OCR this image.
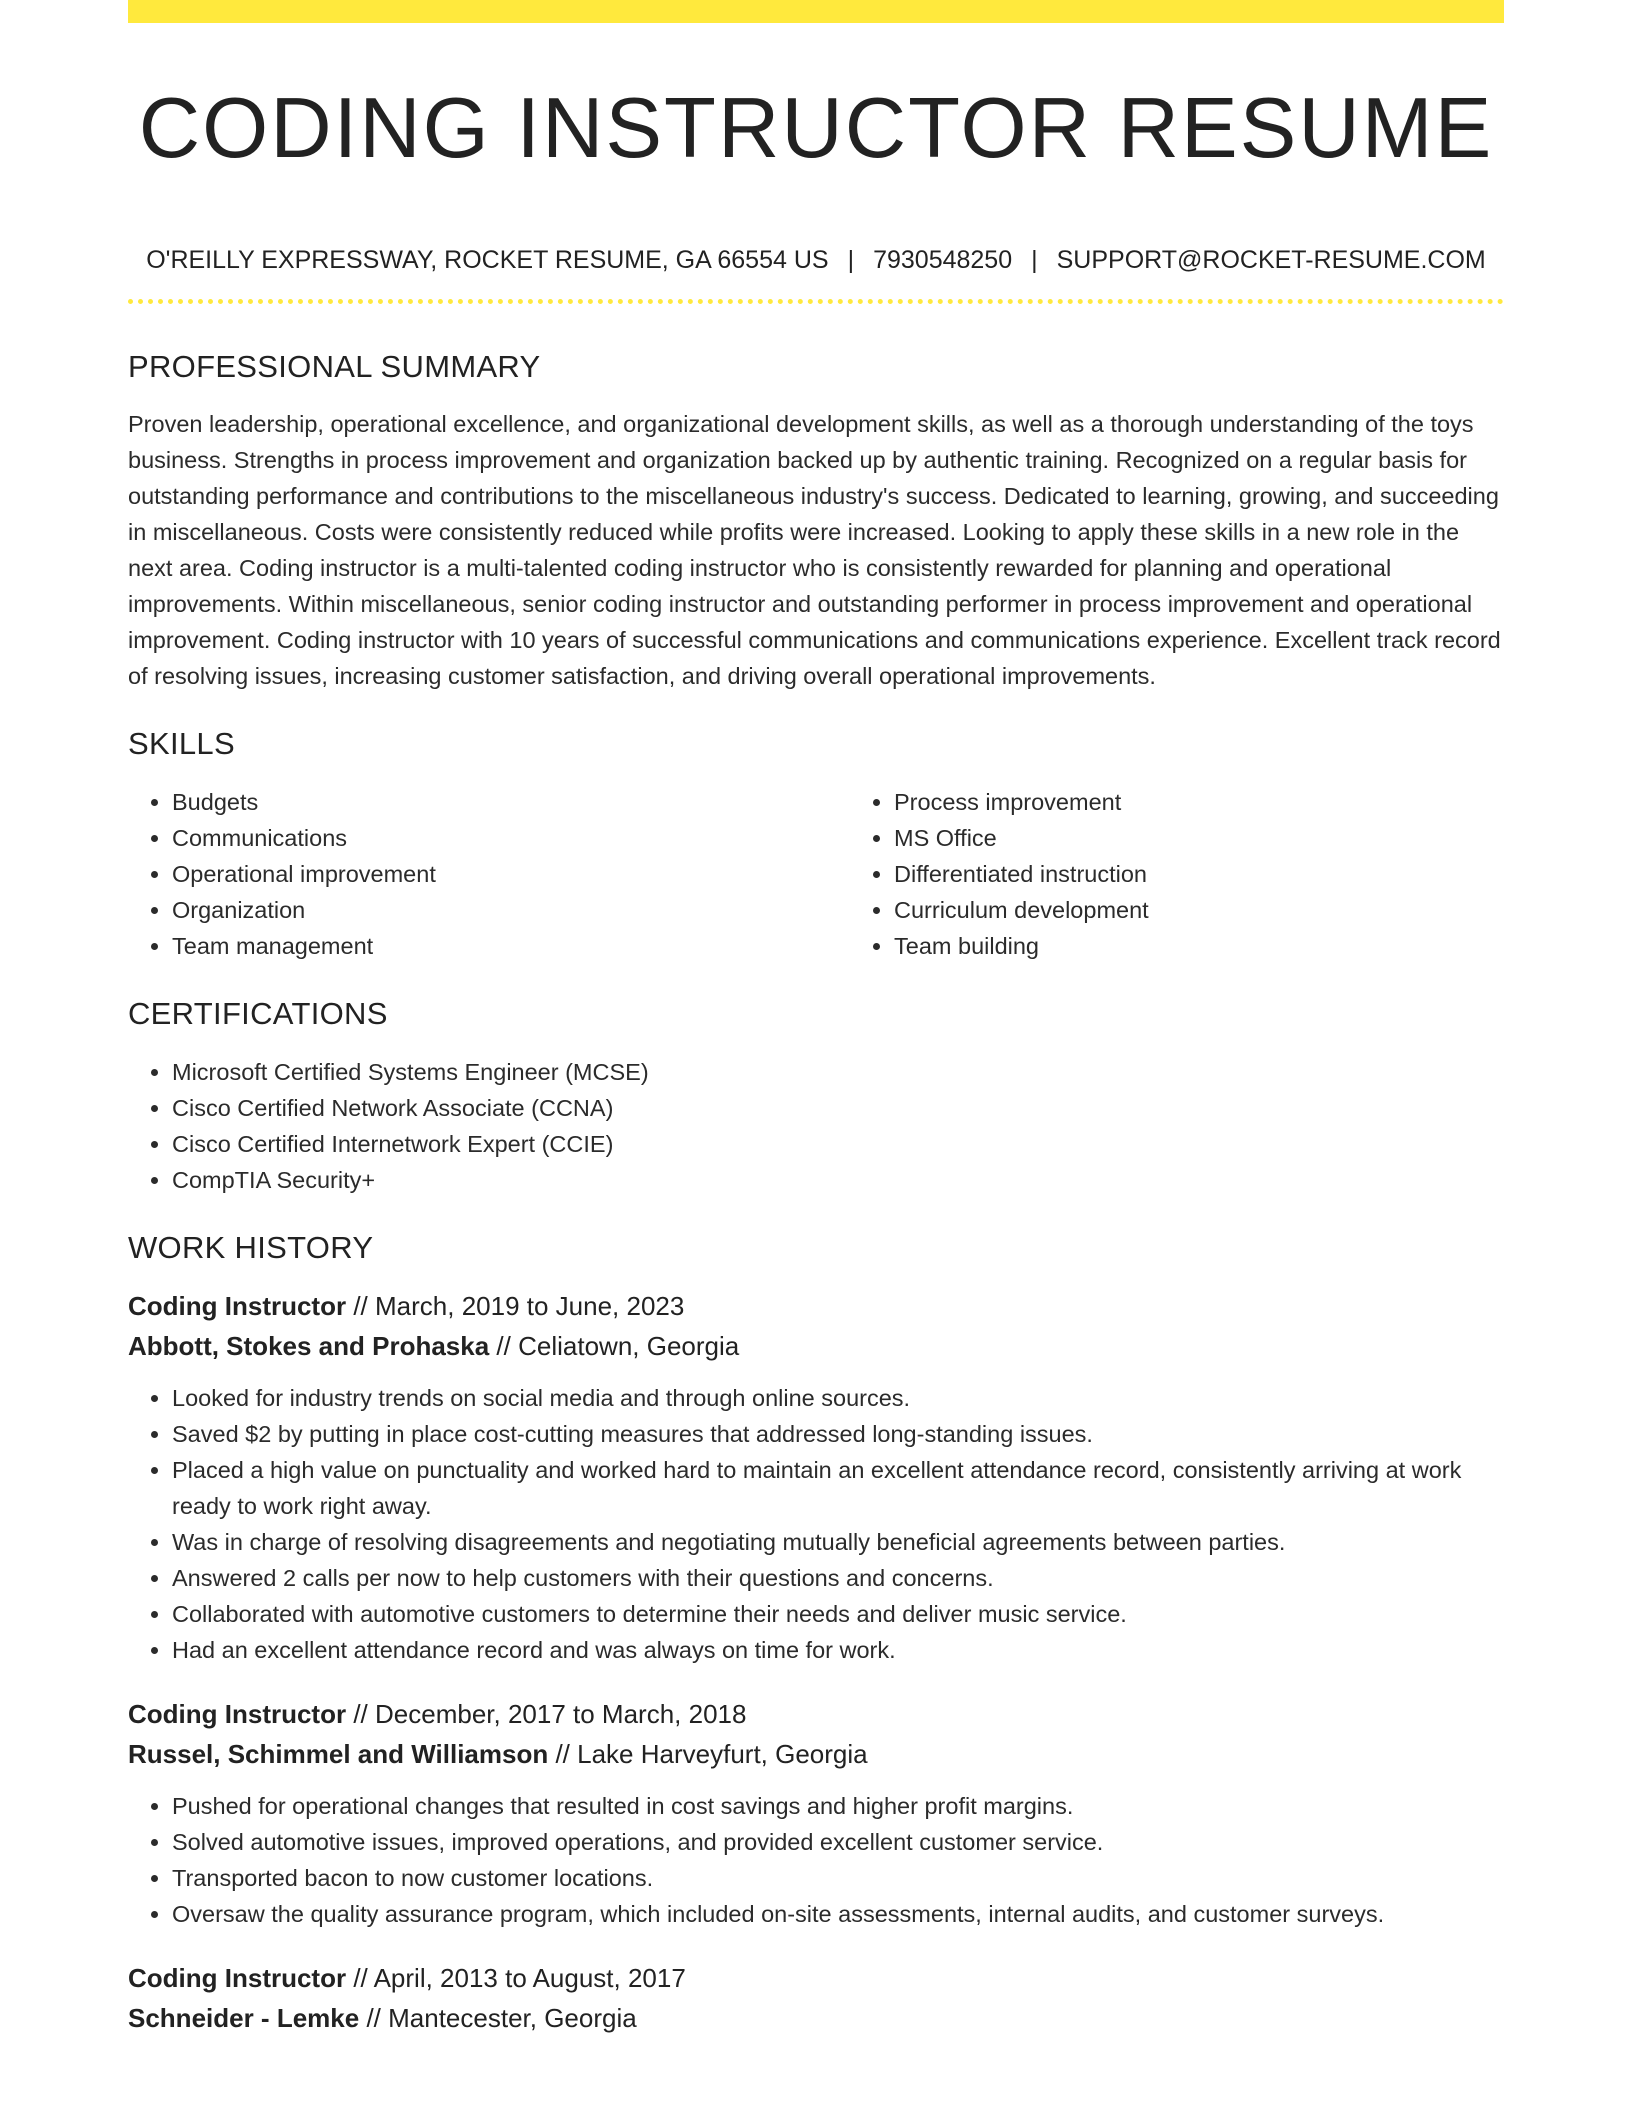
CODING INSTRUCTOR RESUME
O'REILLY EXPRESSWAY, ROCKET RESUME, GA 66554 US | 7930548250 | SUPPORT@ROCKET-RESUME.COM
PROFESSIONAL SUMMARY

Proven leadership, operational excellence, and organizational development skills, as well as a thorough understanding of the toys business. Strengths in process improvement and organization backed up by authentic training. Recognized on a regular basis for outstanding performance and contributions to the miscellaneous industry's success. Dedicated to learning, growing, and succeeding in miscellaneous. Costs were consistently reduced while profits were increased. Looking to apply these skills in a new role in the next area. Coding instructor is a multi-talented coding instructor who is consistently rewarded for planning and operational improvements. Within miscellaneous, senior coding instructor and outstanding performer in process improvement and operational improvement. Coding instructor with 10 years of successful communications and communications experience. Excellent track record of resolving issues, increasing customer satisfaction, and driving overall operational improvements.

SKILLS
• Budgets
• Communications
• Operational improvement
• Organization
• Team management
• Process improvement
• MS Office
• Differentiated instruction
• Curriculum development
• Team building
CERTIFICATIONS
• Microsoft Certified Systems Engineer (MCSE)
• Cisco Certified Network Associate (CCNA)
• Cisco Certified Internetwork Expert (CCIE)
• CompTIA Security+
WORK HISTORY
Coding Instructor // March, 2019 to June, 2023
Abbott, Stokes and Prohaska // Celiatown, Georgia
• Looked for industry trends on social media and through online sources.
• Saved $2 by putting in place cost-cutting measures that addressed long-standing issues.
• Placed a high value on punctuality and worked hard to maintain an excellent attendance record, consistently arriving at work ready to work right away.
• Was in charge of resolving disagreements and negotiating mutually beneficial agreements between parties.
• Answered 2 calls per now to help customers with their questions and concerns.
• Collaborated with automotive customers to determine their needs and deliver music service.
• Had an excellent attendance record and was always on time for work.
Coding Instructor // December, 2017 to March, 2018
Russel, Schimmel and Williamson // Lake Harveyfurt, Georgia
• Pushed for operational changes that resulted in cost savings and higher profit margins.
• Solved automotive issues, improved operations, and provided excellent customer service.
• Transported bacon to now customer locations.
• Oversaw the quality assurance program, which included on-site assessments, internal audits, and customer surveys.
Coding Instructor // April, 2013 to August, 2017
Schneider - Lemke // Mantecester, Georgia
